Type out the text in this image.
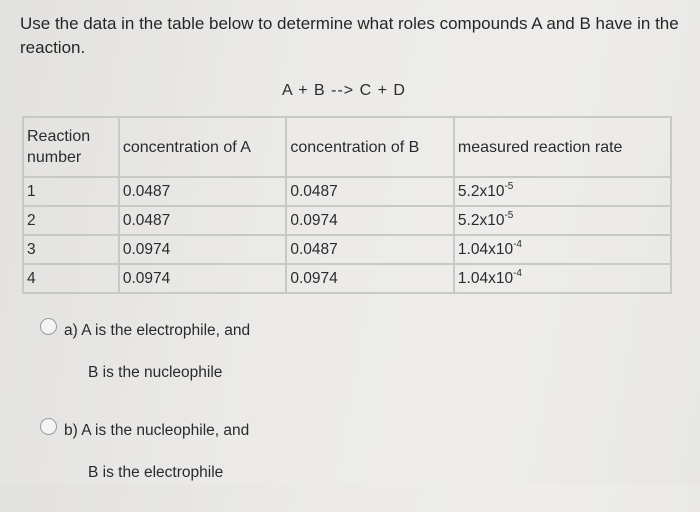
Use the data in the table below to determine what roles compounds A and B have in the reaction.
A + B --> C + D
Reaction number	concentration of A	concentration of B	measured reaction rate
1	0.0487	0.0487	$5.2x10^{-5}$
2	0.0487	0.0974	$5.2x10^{-5}$
3	0.0974	0.0487	$1.04x10^{-4}$
4	0.0974	0.0974	$1.04x10^{-4}$
a) A is the electrophile, and
B is the nucleophile
b) A is the nucleophile, and
B is the electrophile
